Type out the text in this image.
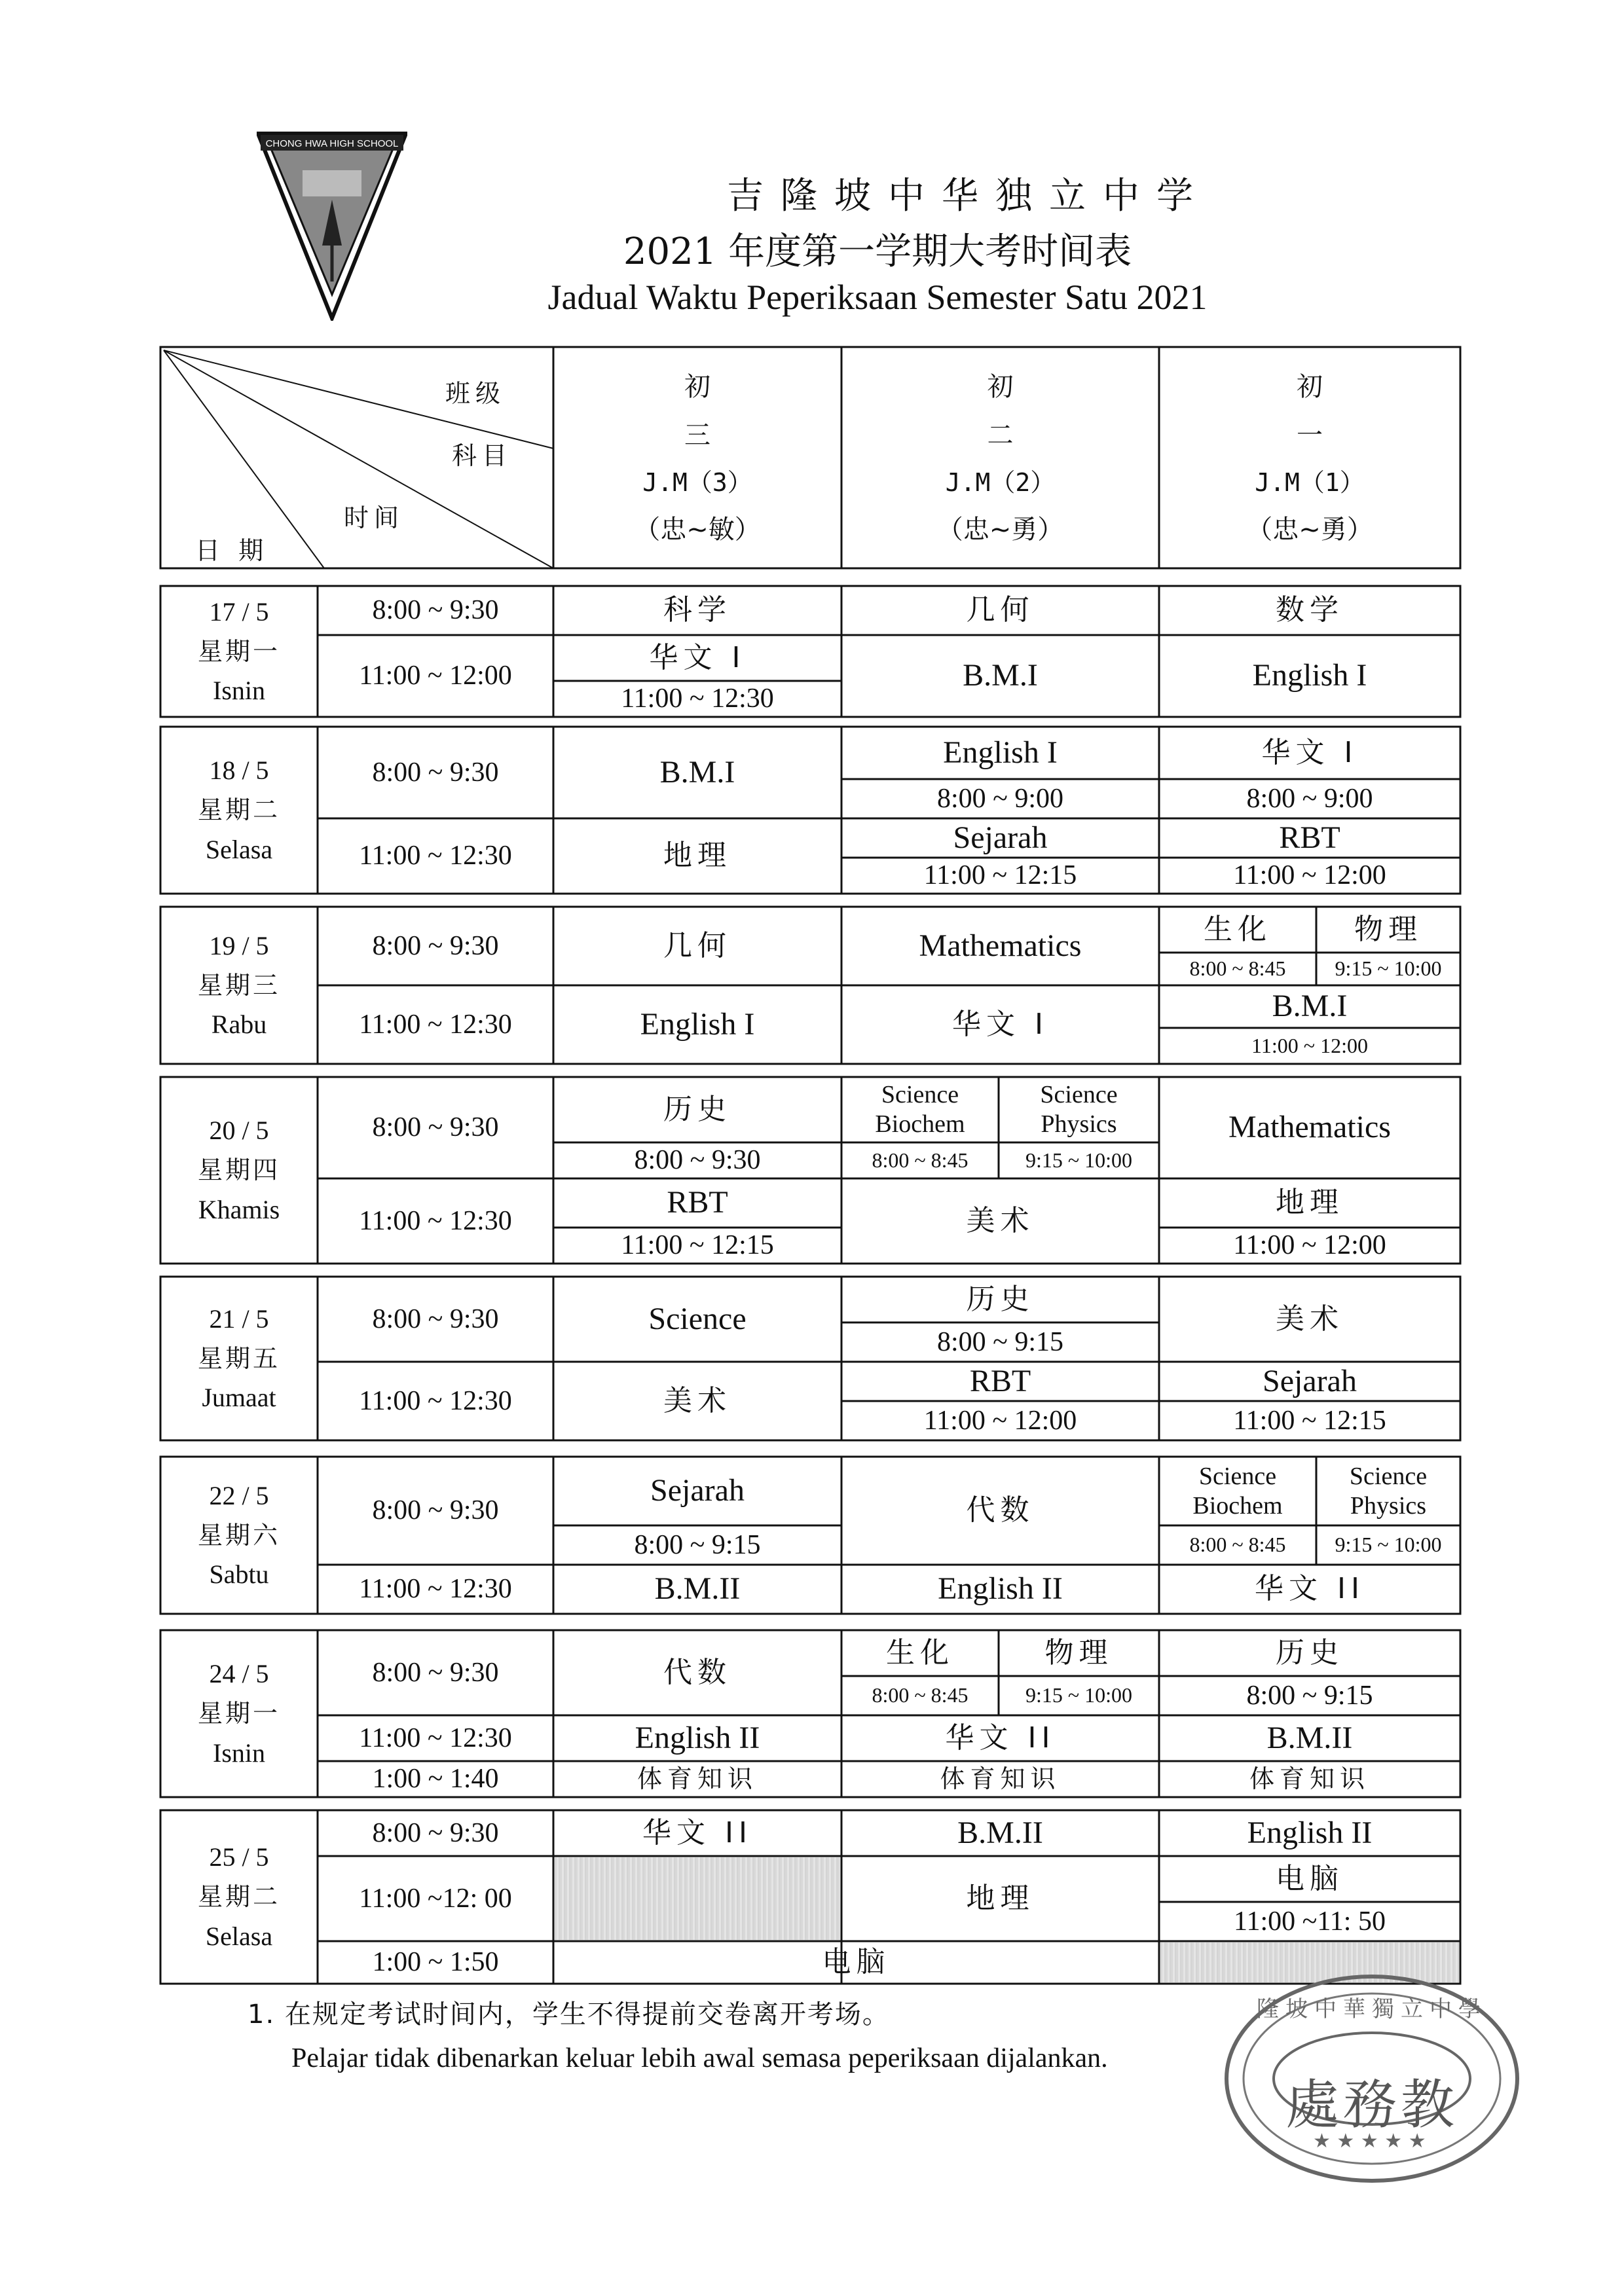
CHONG HWA HIGH SCHOOL
吉隆坡中华独立中学
2021 年度第一学期大考时间表
Jadual Waktu Peperiksaan Semester Satu 2021
班级
科目
时间
日 期
初
三
J.M（3）
（忠~敏）
初
二
J.M（2）
（忠~勇）
初
一
J.M（1）
（忠~勇）
17 / 5
星期一
Isnin
8:00 ~ 9:30
11:00 ~ 12:00
科学
华文 I
11:00 ~ 12:30
几何
B.M.I
数学
English I
18 / 5
星期二
Selasa
8:00 ~ 9:30
11:00 ~ 12:30
B.M.I
地理
English I
8:00 ~ 9:00
Sejarah
11:00 ~ 12:15
华文 I
8:00 ~ 9:00
RBT
11:00 ~ 12:00
19 / 5
星期三
Rabu
8:00 ~ 9:30
11:00 ~ 12:30
几何
English I
Mathematics
华文 I
生化
8:00 ~ 8:45
物理
9:15 ~ 10:00
B.M.I
11:00 ~ 12:00
20 / 5
星期四
Khamis
8:00 ~ 9:30
11:00 ~ 12:30
历史
8:00 ~ 9:30
RBT
11:00 ~ 12:15
Science
Biochem
8:00 ~ 8:45
Science
Physics
9:15 ~ 10:00
美术
Mathematics
地理
11:00 ~ 12:00
21 / 5
星期五
Jumaat
8:00 ~ 9:30
11:00 ~ 12:30
Science
美术
历史
8:00 ~ 9:15
RBT
11:00 ~ 12:00
美术
Sejarah
11:00 ~ 12:15
22 / 5
星期六
Sabtu
8:00 ~ 9:30
11:00 ~ 12:30
Sejarah
8:00 ~ 9:15
B.M.II
代数
English II
Science
Biochem
8:00 ~ 8:45
Science
Physics
9:15 ~ 10:00
华文 II
24 / 5
星期一
Isnin
8:00 ~ 9:30
11:00 ~ 12:30
1:00 ~ 1:40
代数
English II
体育知识
生化
8:00 ~ 8:45
物理
9:15 ~ 10:00
华文 II
体育知识
历史
8:00 ~ 9:15
B.M.II
体育知识
25 / 5
星期二
Selasa
8:00 ~ 9:30
11:00 ~12: 00
1:00 ~ 1:50
华文 II	B.M.II
地理
电脑
English II
电脑
11:00 ~11: 50
1. 在规定考试时间内，学生不得提前交卷离开考场。
Pelajar tidak dibenarkan keluar lebih awal semasa peperiksaan dijalankan.
隆坡中華獨立中學
★ ★ ★ ★ ★
處務教
